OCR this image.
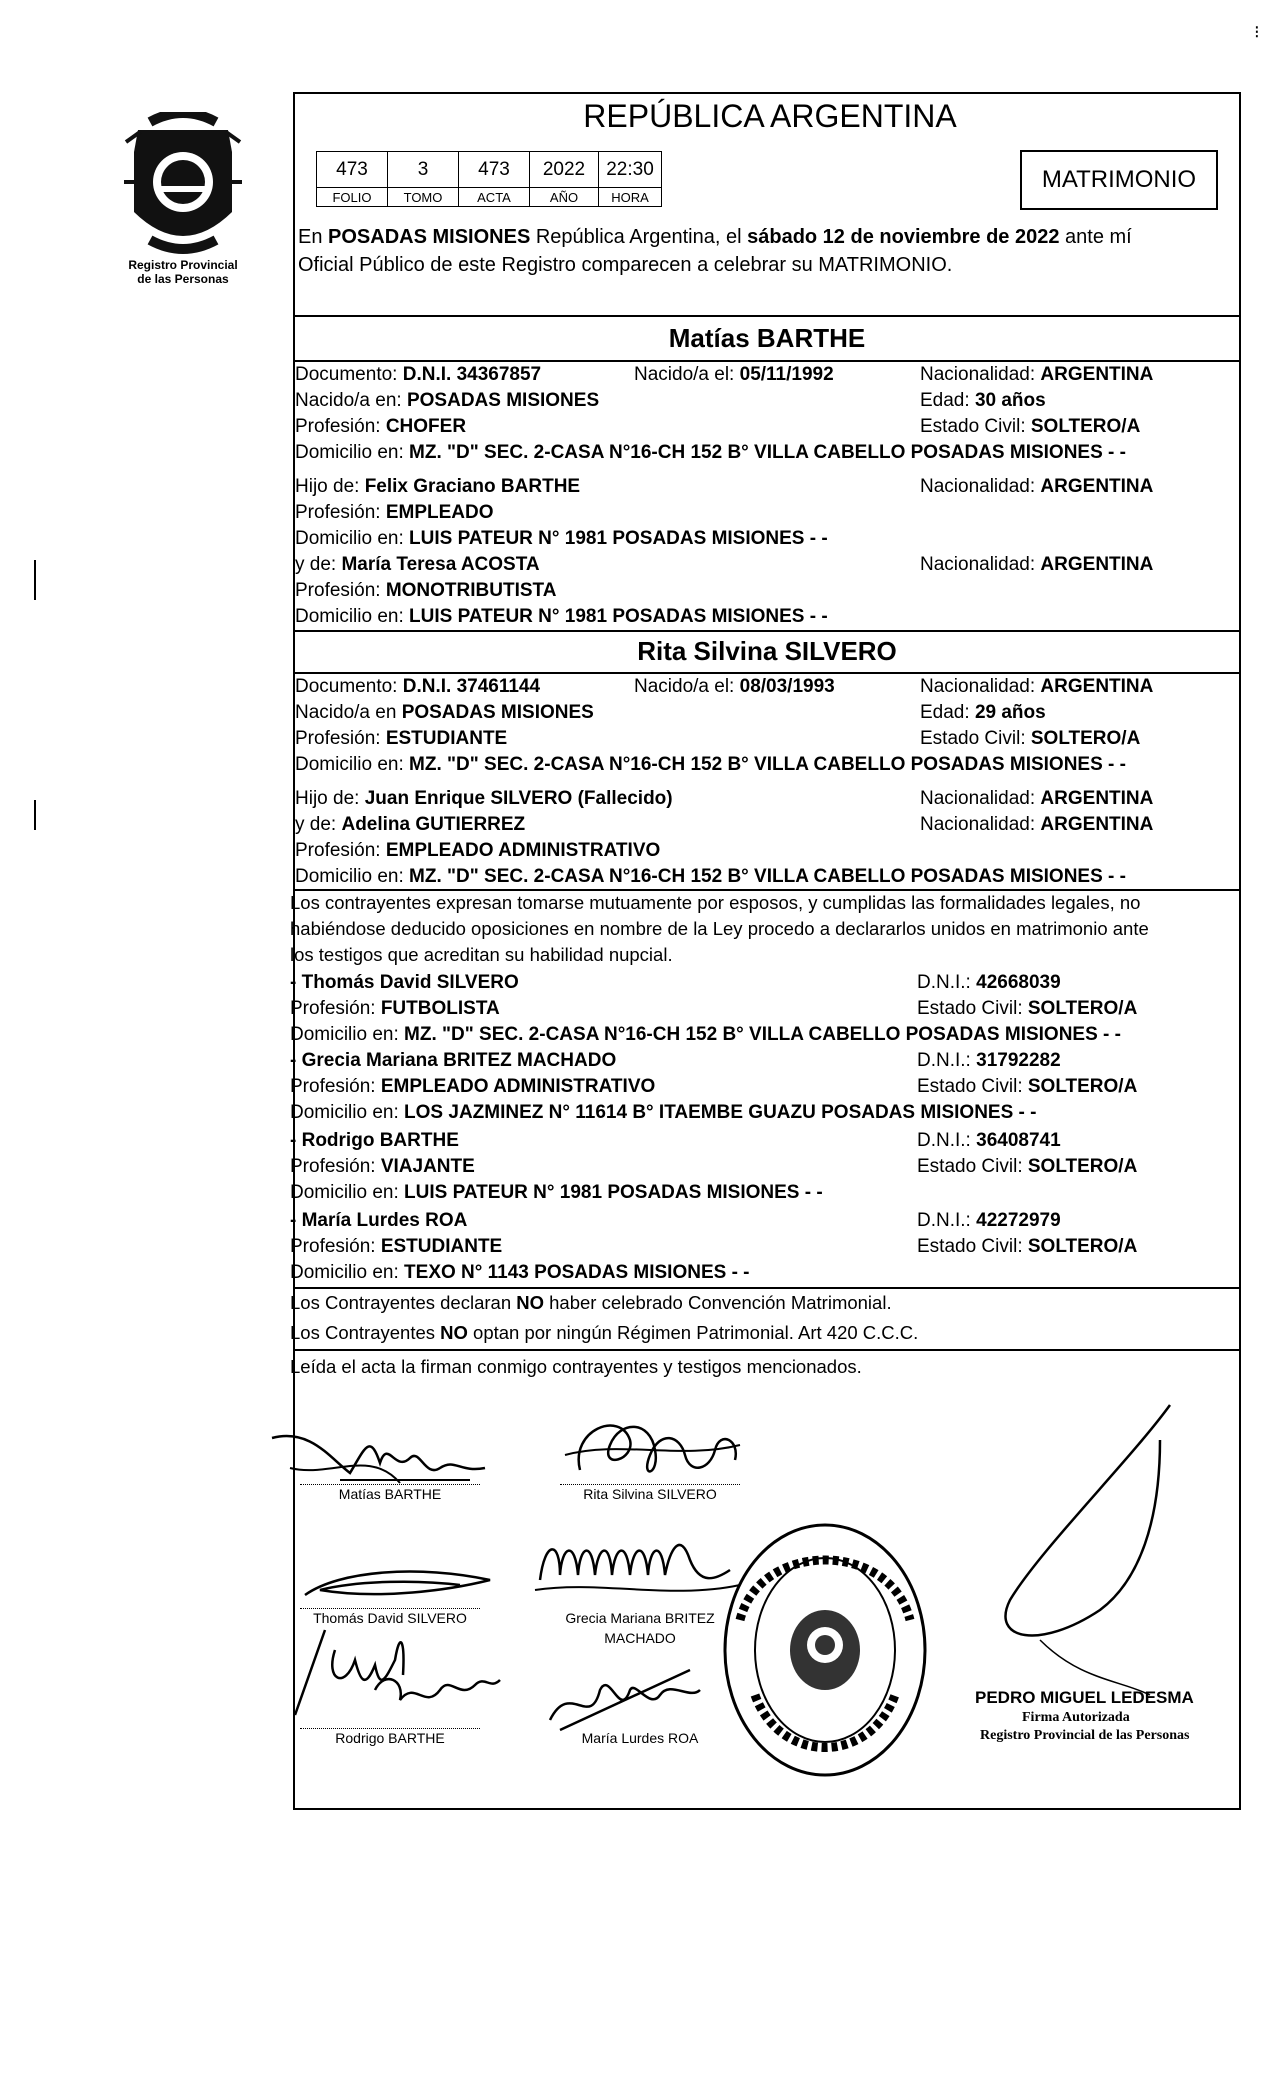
Registro Provincial
de las Personas
⁝
REPÚBLICA ARGENTINA
473	3	473	2022	22:30
FOLIO	TOMO	ACTA	AÑO	HORA
MATRIMONIO
En POSADAS MISIONES República Argentina, el sábado 12 de noviembre de 2022 ante mí
Oficial Público de este Registro comparecen a celebrar su MATRIMONIO.
Matías BARTHE
Documento: D.N.I. 34367857	Nacido/a el: 05/11/1992	Nacionalidad: ARGENTINA
Nacido/a en: POSADAS MISIONES	Edad: 30 años
Profesión: CHOFER	Estado Civil: SOLTERO/A
Domicilio en: MZ. "D" SEC. 2-CASA N°16-CH 152 B° VILLA CABELLO POSADAS MISIONES - -
Hijo de: Felix Graciano BARTHE	Nacionalidad: ARGENTINA
Profesión: EMPLEADO
Domicilio en: LUIS PATEUR N° 1981 POSADAS MISIONES - -
y de: María Teresa ACOSTA	Nacionalidad: ARGENTINA
Profesión: MONOTRIBUTISTA
Domicilio en: LUIS PATEUR N° 1981 POSADAS MISIONES - -
Rita Silvina SILVERO
Documento: D.N.I. 37461144	Nacido/a el: 08/03/1993	Nacionalidad: ARGENTINA
Nacido/a en POSADAS MISIONES	Edad: 29 años
Profesión: ESTUDIANTE	Estado Civil: SOLTERO/A
Domicilio en: MZ. "D" SEC. 2-CASA N°16-CH 152 B° VILLA CABELLO POSADAS MISIONES - -
Hijo de: Juan Enrique SILVERO (Fallecido)	Nacionalidad: ARGENTINA
y de: Adelina GUTIERREZ	Nacionalidad: ARGENTINA
Profesión: EMPLEADO ADMINISTRATIVO
Domicilio en: MZ. "D" SEC. 2-CASA N°16-CH 152 B° VILLA CABELLO POSADAS MISIONES - -
Los contrayentes expresan tomarse mutuamente por esposos, y cumplidas las formalidades legales, no
habiéndose deducido oposiciones en nombre de la Ley procedo a declararlos unidos en matrimonio ante
los testigos que acreditan su habilidad nupcial.
- Thomás David SILVERO	D.N.I.: 42668039
Profesión: FUTBOLISTA	Estado Civil: SOLTERO/A
Domicilio en: MZ. "D" SEC. 2-CASA N°16-CH 152 B° VILLA CABELLO POSADAS MISIONES - -
- Grecia Mariana BRITEZ MACHADO	D.N.I.: 31792282
Profesión: EMPLEADO ADMINISTRATIVO	Estado Civil: SOLTERO/A
Domicilio en: LOS JAZMINEZ N° 11614 B° ITAEMBE GUAZU POSADAS MISIONES - -
- Rodrigo BARTHE	D.N.I.: 36408741
Profesión: VIAJANTE	Estado Civil: SOLTERO/A
Domicilio en: LUIS PATEUR N° 1981 POSADAS MISIONES - -
- María Lurdes ROA	D.N.I.: 42272979
Profesión: ESTUDIANTE	Estado Civil: SOLTERO/A
Domicilio en: TEXO N° 1143 POSADAS MISIONES - -
Los Contrayentes declaran NO haber celebrado Convención Matrimonial.
Los Contrayentes NO optan por ningún Régimen Patrimonial. Art 420 C.C.C.
Leída el acta la firman conmigo contrayentes y testigos mencionados.
Matías BARTHE	Rita Silvina SILVERO
Thomás David SILVERO	Grecia Mariana BRITEZ
MACHADO
Rodrigo BARTHE	María Lurdes ROA
PEDRO MIGUEL LEDESMA
Firma Autorizada
Registro Provincial de las Personas
